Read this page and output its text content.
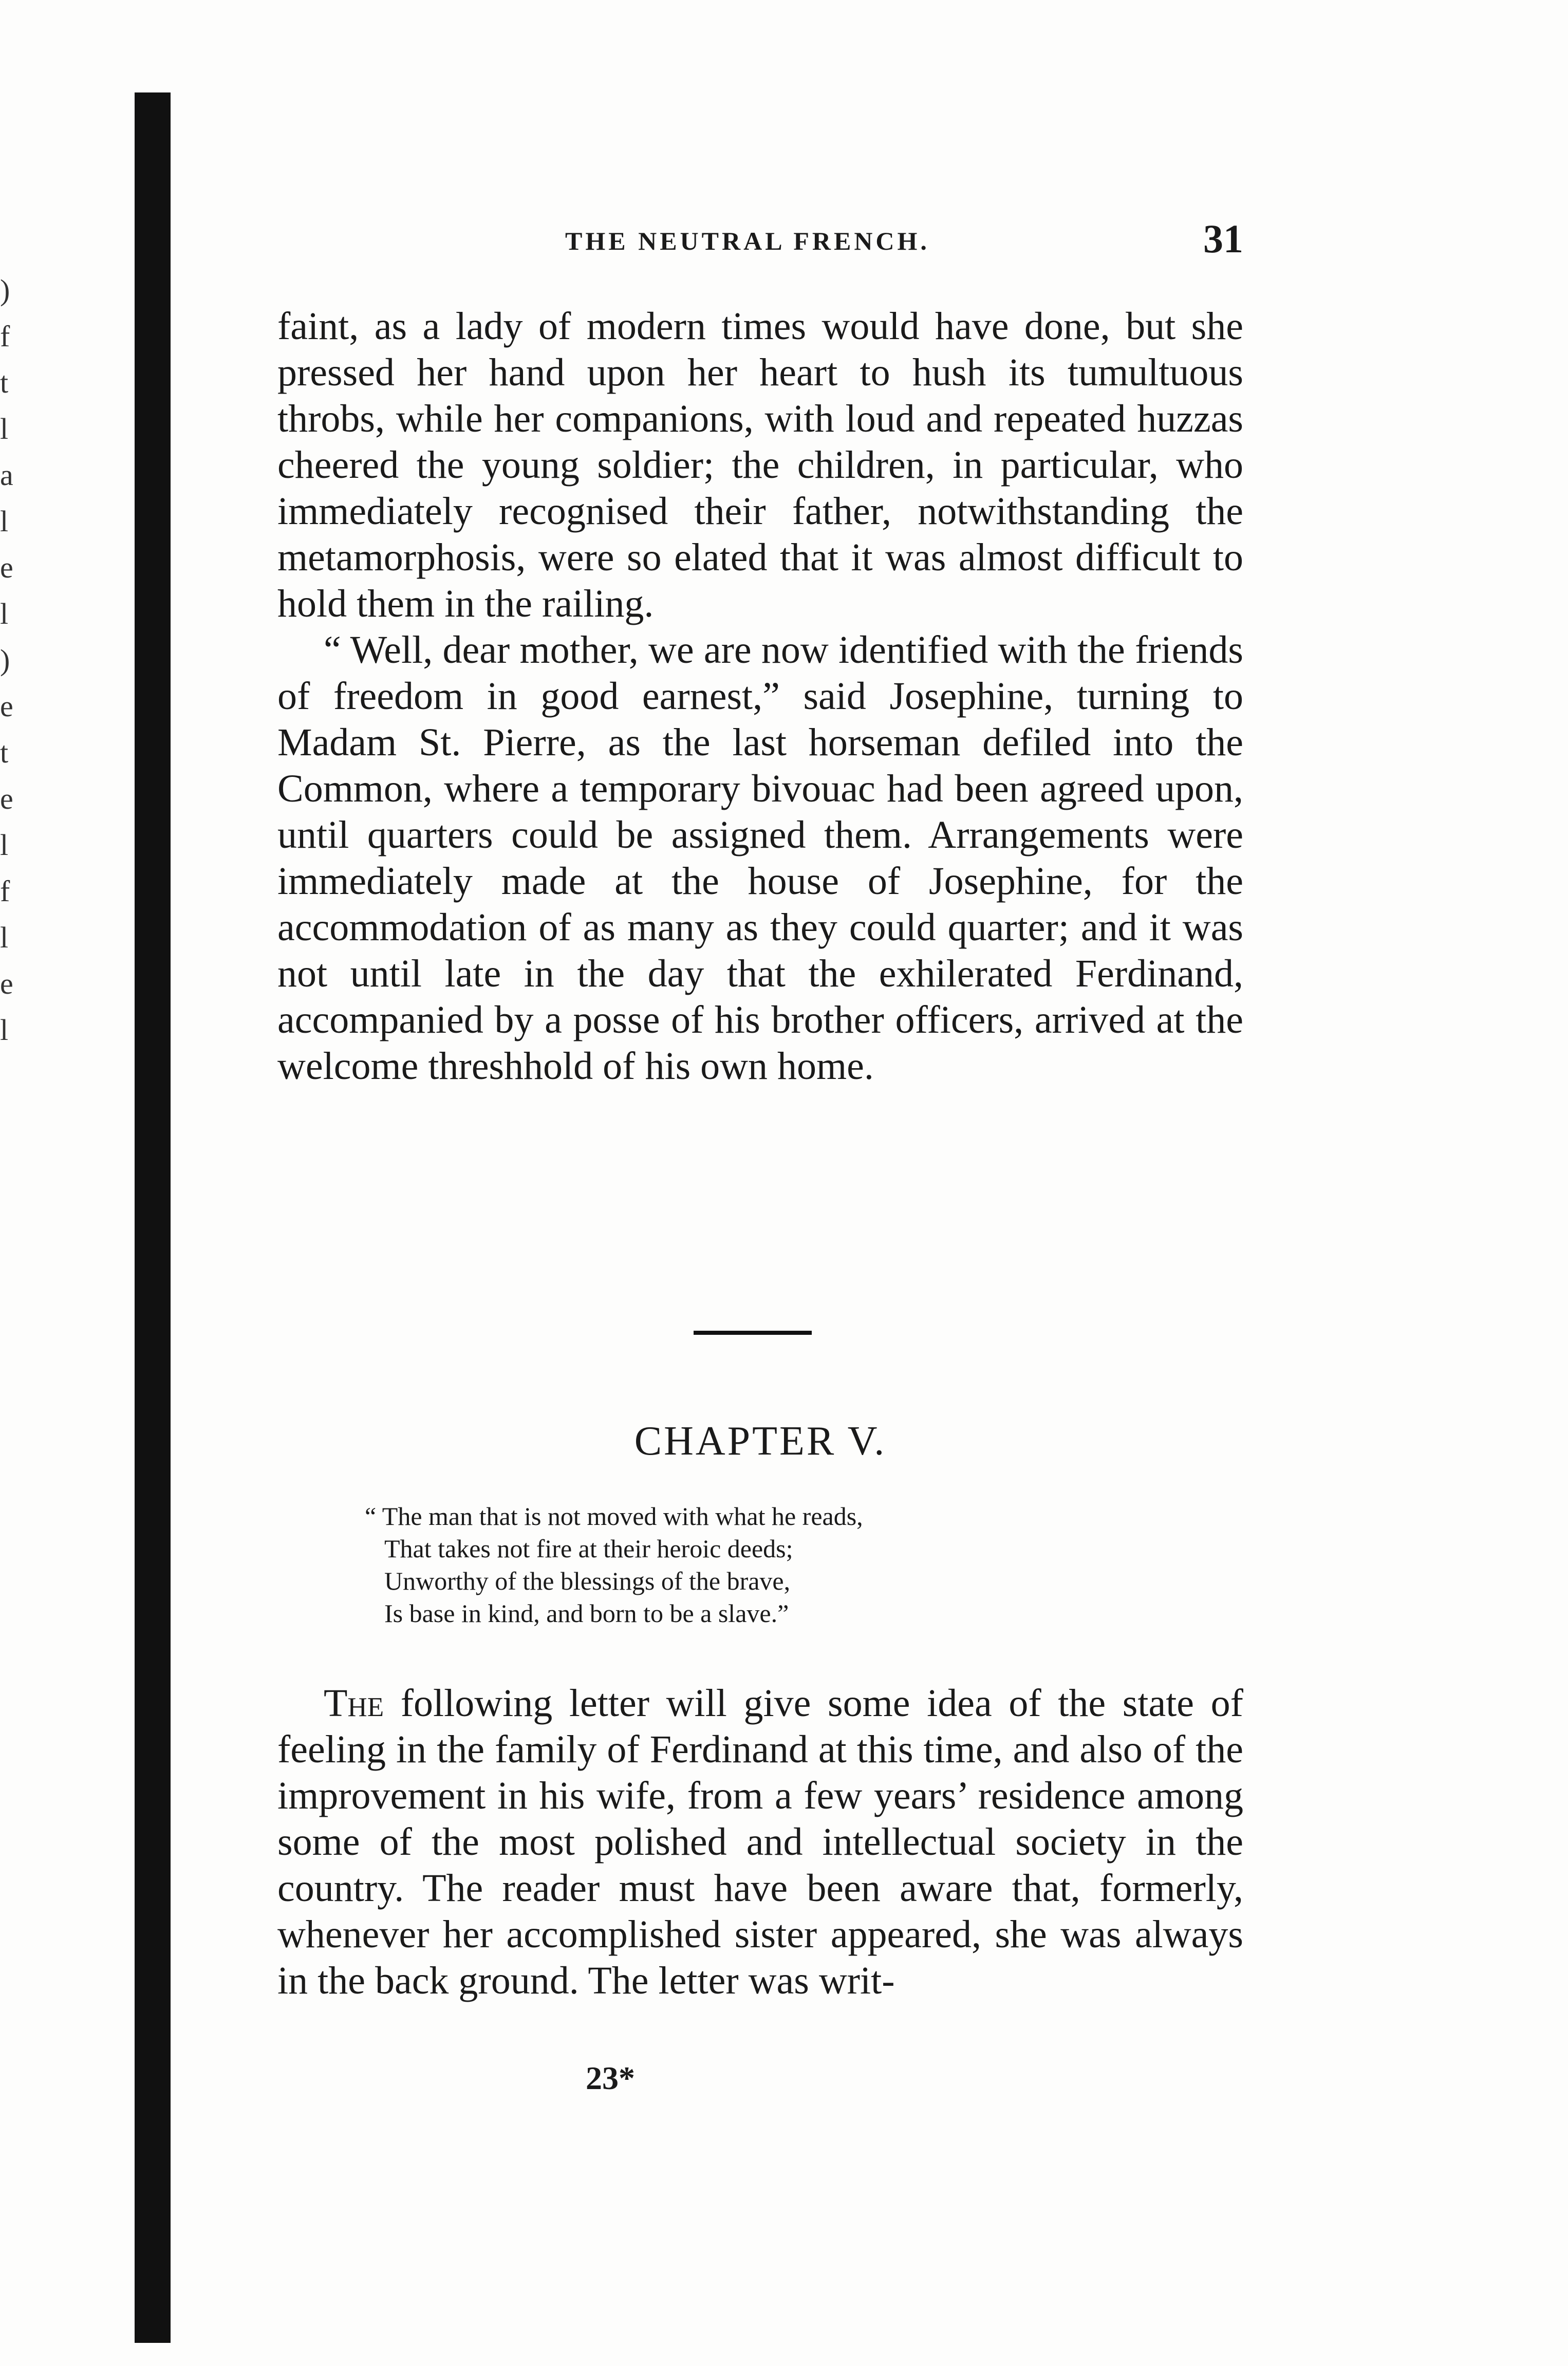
)
f
t
l
a
l
e
l
)
e
t
e
l
f
l
e
l
THE NEUTRAL FRENCH.	31

faint, as a lady of modern times would have done, but she pressed her hand upon her heart to hush its tumultuous throbs, while her companions, with loud and repeated huzzas cheered the young soldier; the children, in particular, who immediately recognised their father, notwithstanding the metamorphosis, were so elated that it was almost difficult to hold them in the railing.

“ Well, dear mother, we are now identified with the friends of freedom in good earnest,” said Josephine, turning to Madam St. Pierre, as the last horseman defiled into the Common, where a temporary bivouac had been agreed upon, until quarters could be assigned them. Arrangements were immediately made at the house of Josephine, for the accommodation of as many as they could quarter; and it was not until late in the day that the exhilerated Ferdinand, accompanied by a posse of his brother officers, arrived at the welcome threshhold of his own home.

CHAPTER V.
“ The man that is not moved with what he reads,
That takes not fire at their heroic deeds;
Unworthy of the blessings of the brave,
Is base in kind, and born to be a slave.”

The following letter will give some idea of the state of feeling in the family of Ferdinand at this time, and also of the improvement in his wife, from a few years’ residence among some of the most polished and intellectual society in the country. The reader must have been aware that, formerly, whenever her accomplished sister appeared, she was always in the back ground. The letter was writ-

23*
